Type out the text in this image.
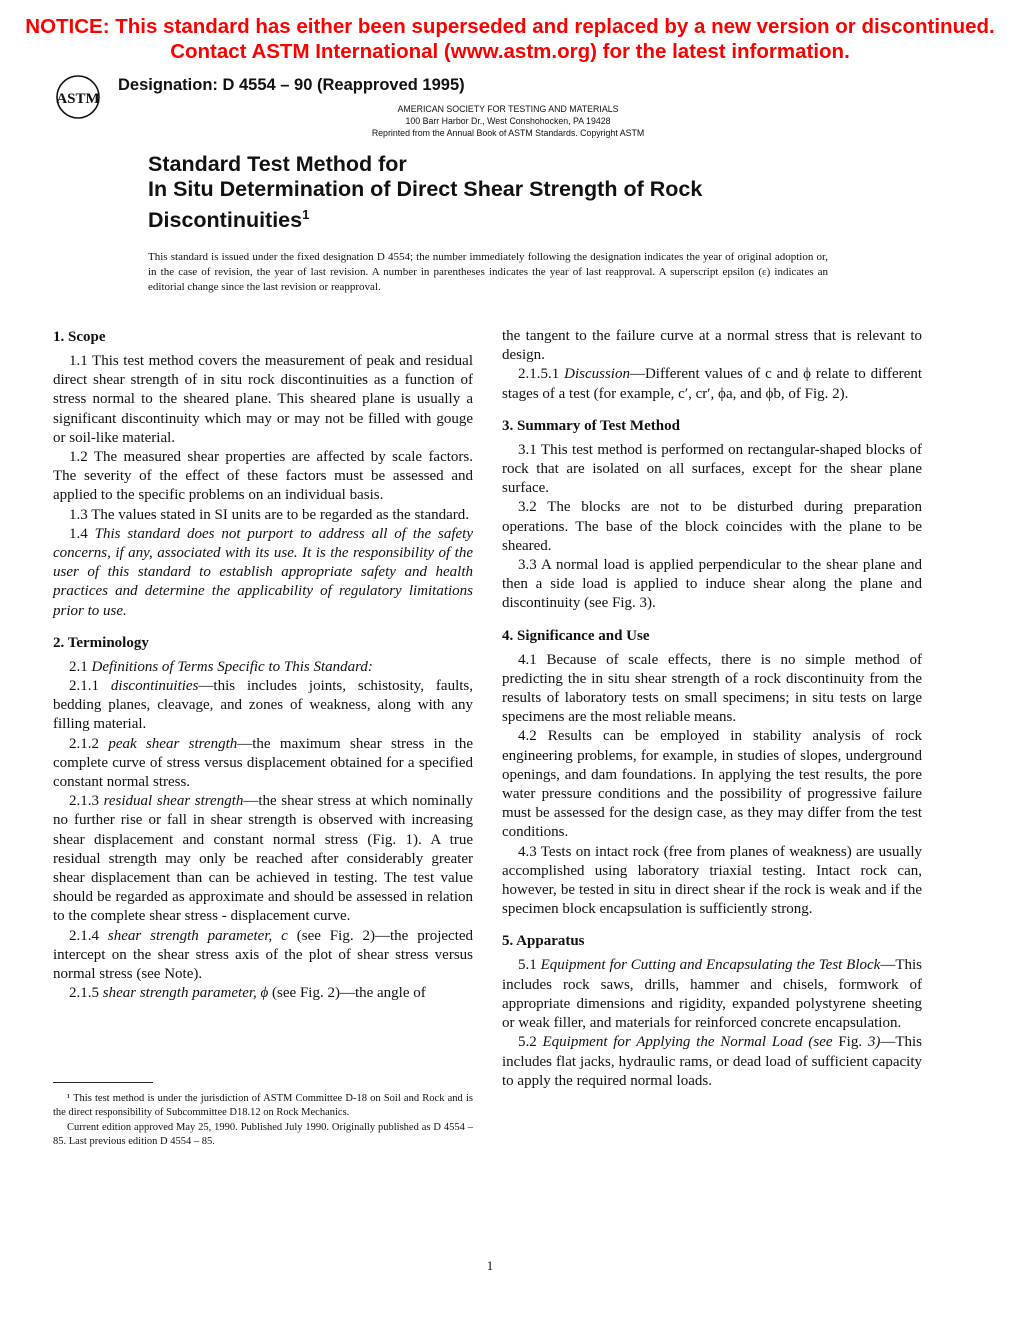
NOTICE: This standard has either been superseded and replaced by a new version or discontinued.
Contact ASTM International (www.astm.org) for the latest information.
ASTM
Designation: D 4554 – 90 (Reapproved 1995)
AMERICAN SOCIETY FOR TESTING AND MATERIALS
100 Barr Harbor Dr., West Conshohocken, PA 19428
Reprinted from the Annual Book of ASTM Standards. Copyright ASTM
Standard Test Method for
In Situ Determination of Direct Shear Strength of Rock
Discontinuities$^1$
This standard is issued under the fixed designation D 4554; the number immediately following the designation indicates the year of original adoption or, in the case of revision, the year of last revision. A number in parentheses indicates the year of last reapproval. A superscript epsilon (ε) indicates an editorial change since the last revision or reapproval.
1. Scope

1.1 This test method covers the measurement of peak and residual direct shear strength of in situ rock discontinuities as a function of stress normal to the sheared plane. This sheared plane is usually a significant discontinuity which may or may not be filled with gouge or soil-like material.

1.2 The measured shear properties are affected by scale factors. The severity of the effect of these factors must be assessed and applied to the specific problems on an individual basis.

1.3 The values stated in SI units are to be regarded as the standard.

1.4 This standard does not purport to address all of the safety concerns, if any, associated with its use. It is the responsibility of the user of this standard to establish appropriate safety and health practices and determine the applicability of regulatory limitations prior to use.

2. Terminology

2.1 Definitions of Terms Specific to This Standard:

2.1.1 discontinuities—this includes joints, schistosity, faults, bedding planes, cleavage, and zones of weakness, along with any filling material.

2.1.2 peak shear strength—the maximum shear stress in the complete curve of stress versus displacement obtained for a specified constant normal stress.

2.1.3 residual shear strength—the shear stress at which nominally no further rise or fall in shear strength is observed with increasing shear displacement and constant normal stress (Fig. 1). A true residual strength may only be reached after considerably greater shear displacement than can be achieved in testing. The test value should be regarded as approximate and should be assessed in relation to the complete shear stress - displacement curve.

2.1.4 shear strength parameter, c (see Fig. 2)—the projected intercept on the shear stress axis of the plot of shear stress versus normal stress (see Note).

2.1.5 shear strength parameter, ϕ (see Fig. 2)—the angle of

¹ This test method is under the jurisdiction of ASTM Committee D-18 on Soil and Rock and is the direct responsibility of Subcommittee D18.12 on Rock Mechanics.

Current edition approved May 25, 1990. Published July 1990. Originally published as D 4554 – 85. Last previous edition D 4554 – 85.

the tangent to the failure curve at a normal stress that is relevant to design.

2.1.5.1 Discussion—Different values of c and ϕ relate to different stages of a test (for example, c′, cr′, ϕa, and ϕb, of Fig. 2).

3. Summary of Test Method

3.1 This test method is performed on rectangular-shaped blocks of rock that are isolated on all surfaces, except for the shear plane surface.

3.2 The blocks are not to be disturbed during preparation operations. The base of the block coincides with the plane to be sheared.

3.3 A normal load is applied perpendicular to the shear plane and then a side load is applied to induce shear along the plane and discontinuity (see Fig. 3).

4. Significance and Use

4.1 Because of scale effects, there is no simple method of predicting the in situ shear strength of a rock discontinuity from the results of laboratory tests on small specimens; in situ tests on large specimens are the most reliable means.

4.2 Results can be employed in stability analysis of rock engineering problems, for example, in studies of slopes, underground openings, and dam foundations. In applying the test results, the pore water pressure conditions and the possibility of progressive failure must be assessed for the design case, as they may differ from the test conditions.

4.3 Tests on intact rock (free from planes of weakness) are usually accomplished using laboratory triaxial testing. Intact rock can, however, be tested in situ in direct shear if the rock is weak and if the specimen block encapsulation is sufficiently strong.

5. Apparatus

5.1 Equipment for Cutting and Encapsulating the Test Block—This includes rock saws, drills, hammer and chisels, formwork of appropriate dimensions and rigidity, expanded polystyrene sheeting or weak filler, and materials for reinforced concrete encapsulation.

5.2 Equipment for Applying the Normal Load (see Fig. 3)—This includes flat jacks, hydraulic rams, or dead load of sufficient capacity to apply the required normal loads.

1
